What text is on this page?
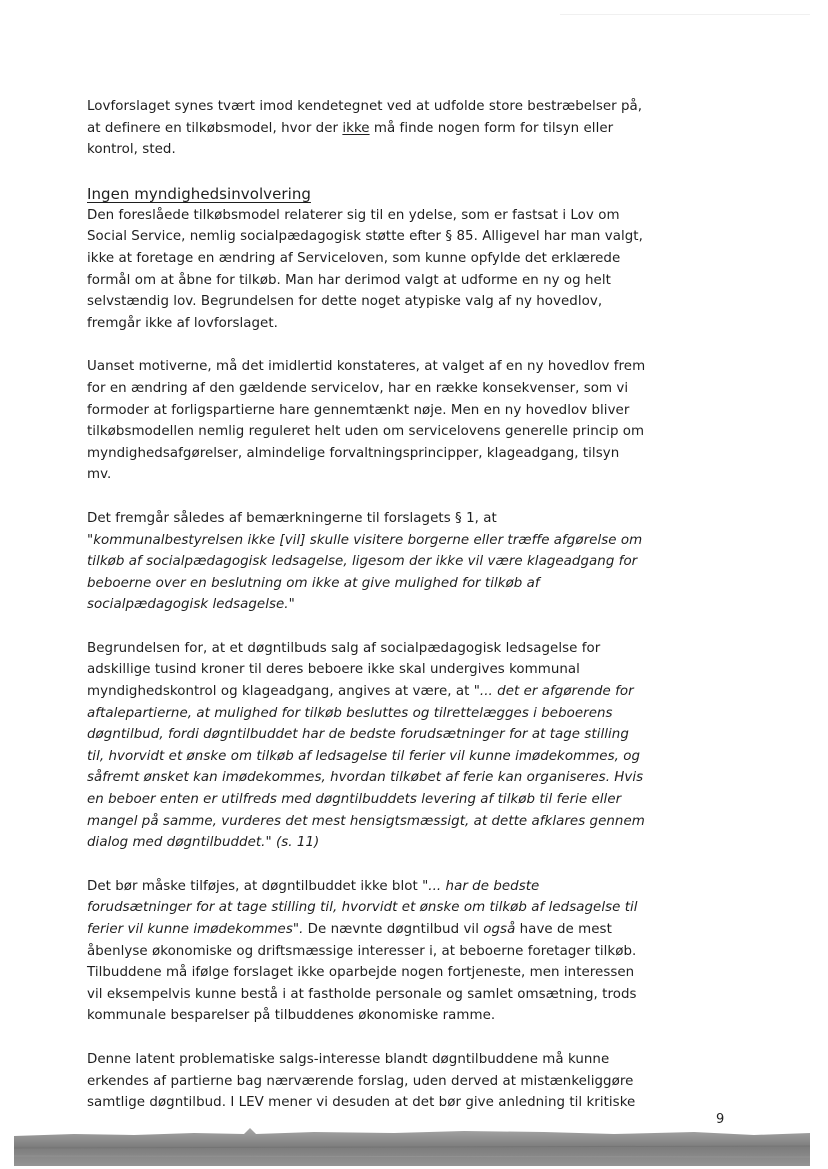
Lovforslaget synes tvært imod kendetegnet ved at udfolde store bestræbelser på, at definere en tilkøbsmodel, hvor der ikke må finde nogen form for tilsyn eller kontrol, sted.

Ingen myndighedsinvolvering

Den foreslåede tilkøbsmodel relaterer sig til en ydelse, som er fastsat i Lov om Social Service, nemlig socialpædagogisk støtte efter § 85. Alligevel har man valgt, ikke at foretage en ændring af Serviceloven, som kunne opfylde det erklærede formål om at åbne for tilkøb. Man har derimod valgt at udforme en ny og helt selvstændig lov. Begrundelsen for dette noget atypiske valg af ny hovedlov, fremgår ikke af lovforslaget.

Uanset motiverne, må det imidlertid konstateres, at valget af en ny hovedlov frem for en ændring af den gældende servicelov, har en række konsekvenser, som vi formoder at forligspartierne hare gennemtænkt nøje. Men en ny hovedlov bliver tilkøbsmodellen nemlig reguleret helt uden om servicelovens generelle princip om myndighedsafgørelser, almindelige forvaltningsprincipper, klageadgang, tilsyn mv.

Det fremgår således af bemærkningerne til forslagets § 1, at "kommunalbestyrelsen ikke [vil] skulle visitere borgerne eller træffe afgørelse om tilkøb af socialpædagogisk ledsagelse, ligesom der ikke vil være klageadgang for beboerne over en beslutning om ikke at give mulighed for tilkøb af socialpædagogisk ledsagelse."

Begrundelsen for, at et døgntilbuds salg af socialpædagogisk ledsagelse for adskillige tusind kroner til deres beboere ikke skal undergives kommunal myndighedskontrol og klageadgang, angives at være, at "... det er afgørende for aftalepartierne, at mulighed for tilkøb besluttes og tilrettelægges i beboerens døgntilbud, fordi døgntilbuddet har de bedste forudsætninger for at tage stilling til, hvorvidt et ønske om tilkøb af ledsagelse til ferier vil kunne imødekommes, og såfremt ønsket kan imødekommes, hvordan tilkøbet af ferie kan organiseres. Hvis en beboer enten er utilfreds med døgntilbuddets levering af tilkøb til ferie eller mangel på samme, vurderes det mest hensigtsmæssigt, at dette afklares gennem dialog med døgntilbuddet." (s. 11)

Det bør måske tilføjes, at døgntilbuddet ikke blot "... har de bedste forudsætninger for at tage stilling til, hvorvidt et ønske om tilkøb af ledsagelse til ferier vil kunne imødekommes". De nævnte døgntilbud vil også have de mest åbenlyse økonomiske og driftsmæssige interesser i, at beboerne foretager tilkøb. Tilbuddene må ifølge forslaget ikke oparbejde nogen fortjeneste, men interessen vil eksempelvis kunne bestå i at fastholde personale og samlet omsætning, trods kommunale besparelser på tilbuddenes økonomiske ramme.

Denne latent problematiske salgs-interesse blandt døgntilbuddene må kunne erkendes af partierne bag nærværende forslag, uden derved at mistænkeliggøre samtlige døgntilbud. I LEV mener vi desuden at det bør give anledning til kritiske

9
